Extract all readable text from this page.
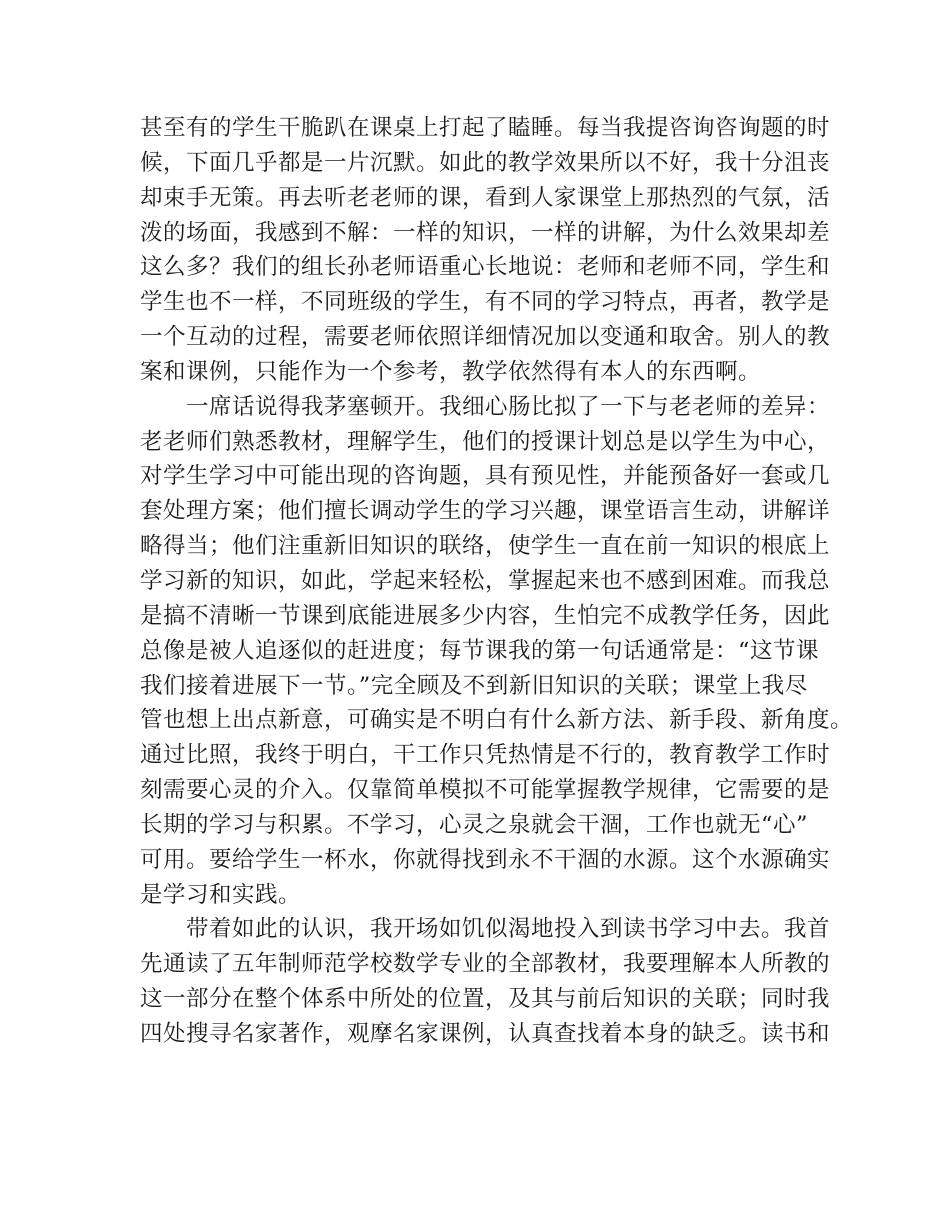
甚至有的学生干脆趴在课桌上打起了瞌睡。每当我提咨询咨询题的时
候，下面几乎都是一片沉默。如此的教学效果所以不好，我十分沮丧
却束手无策。再去听老老师的课，看到人家课堂上那热烈的气氛，活
泼的场面，我感到不解：一样的知识，一样的讲解，为什么效果却差
这么多？我们的组长孙老师语重心长地说：老师和老师不同，学生和
学生也不一样，不同班级的学生，有不同的学习特点，再者，教学是
一个互动的过程，需要老师依照详细情况加以变通和取舍。别人的教
案和课例，只能作为一个参考，教学依然得有本人的东西啊。
　　一席话说得我茅塞顿开。我细心肠比拟了一下与老老师的差异：
老老师们熟悉教材，理解学生，他们的授课计划总是以学生为中心，
对学生学习中可能出现的咨询题，具有预见性，并能预备好一套或几
套处理方案；他们擅长调动学生的学习兴趣，课堂语言生动，讲解详
略得当；他们注重新旧知识的联络，使学生一直在前一知识的根底上
学习新的知识，如此，学起来轻松，掌握起来也不感到困难。而我总
是搞不清晰一节课到底能进展多少内容，生怕完不成教学任务，因此
总像是被人追逐似的赶进度；每节课我的第一句话通常是：“这节课
我们接着进展下一节。”完全顾及不到新旧知识的关联；课堂上我尽
管也想上出点新意，可确实是不明白有什么新方法、新手段、新角度。
通过比照，我终于明白，干工作只凭热情是不行的，教育教学工作时
刻需要心灵的介入。仅靠简单模拟不可能掌握教学规律，它需要的是
长期的学习与积累。不学习，心灵之泉就会干涸，工作也就无“心”
可用。要给学生一杯水，你就得找到永不干涸的水源。这个水源确实
是学习和实践。
　　带着如此的认识，我开场如饥似渴地投入到读书学习中去。我首
先通读了五年制师范学校数学专业的全部教材，我要理解本人所教的
这一部分在整个体系中所处的位置，及其与前后知识的关联；同时我
四处搜寻名家著作，观摩名家课例，认真查找着本身的缺乏。读书和
